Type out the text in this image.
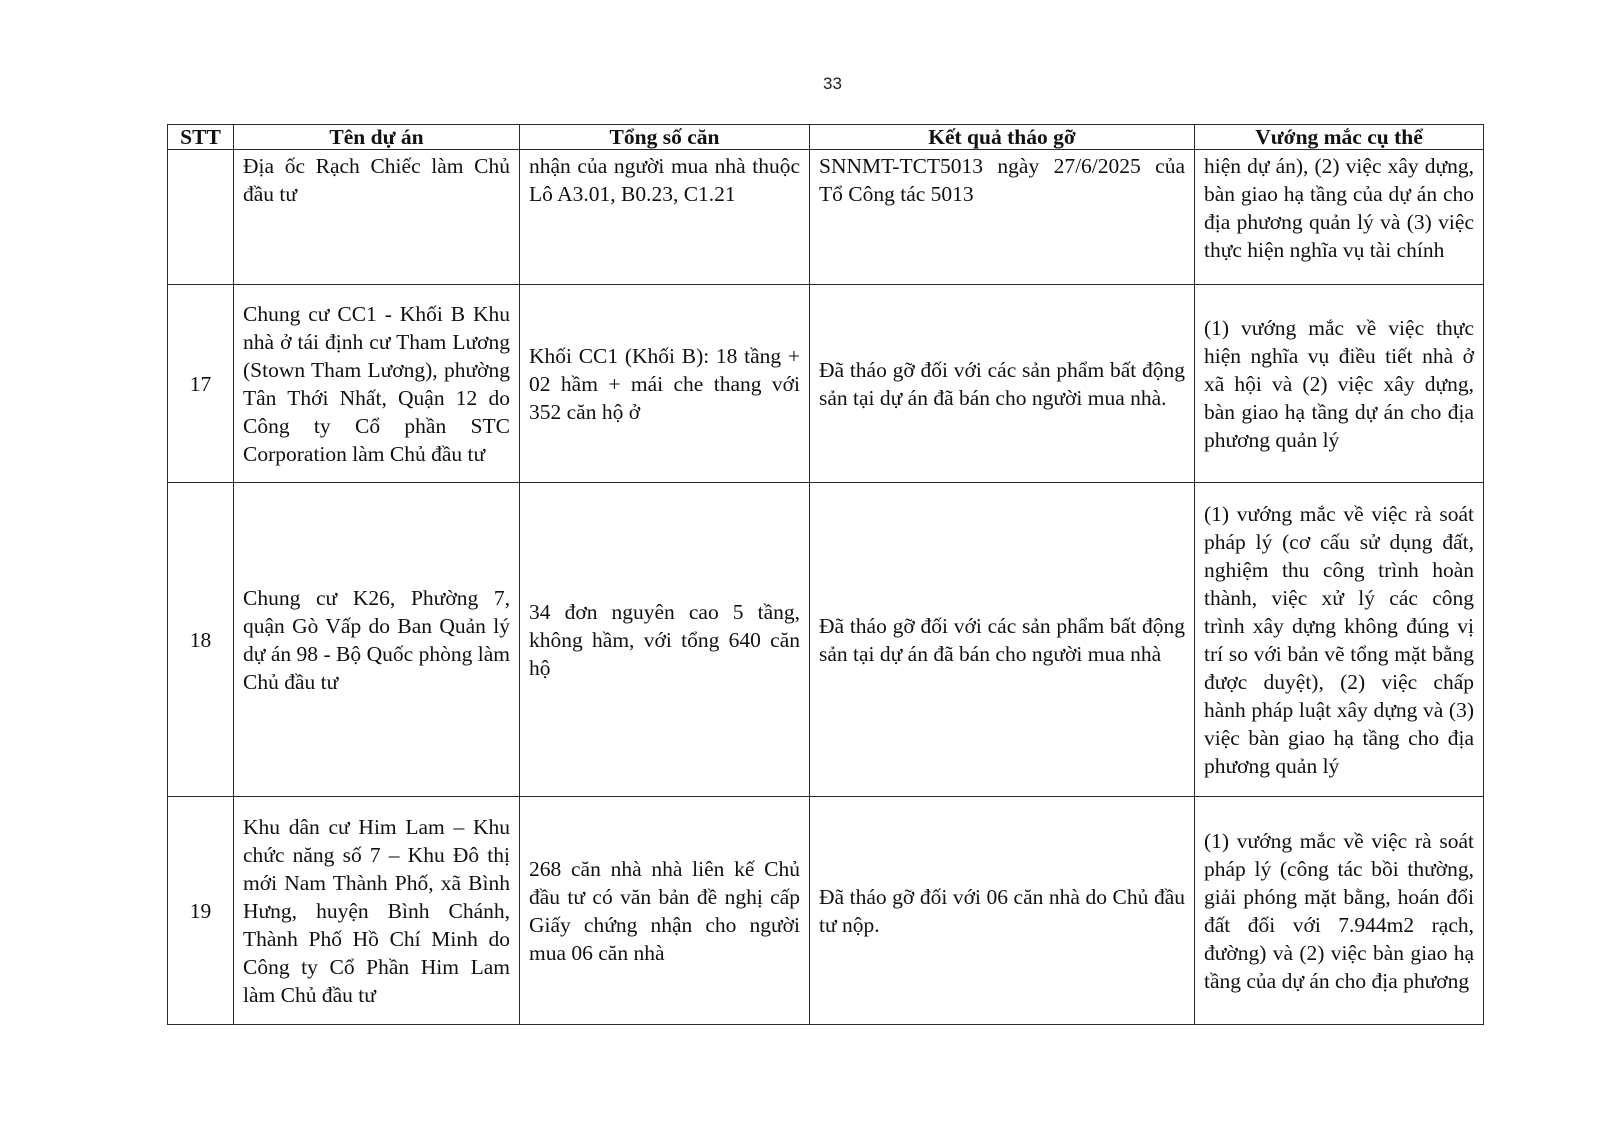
33
STT	Tên dự án	Tổng số căn	Kết quả tháo gỡ	Vướng mắc cụ thể
	Địa ốc Rạch Chiếc làm Chủ đầu tư	nhận của người mua nhà thuộc Lô A3.01, B0.23, C1.21	SNNMT-TCT5013 ngày 27/6/2025 của Tổ Công tác 5013	hiện dự án), (2) việc xây dựng, bàn giao hạ tầng của dự án cho địa phương quản lý và (3) việc thực hiện nghĩa vụ tài chính
17	Chung cư CC1 - Khối B Khu nhà ở tái định cư Tham Lương (Stown Tham Lương), phường Tân Thới Nhất, Quận 12 do Công ty Cổ phần STC Corporation làm Chủ đầu tư	Khối CC1 (Khối B): 18 tầng + 02 hầm + mái che thang với 352 căn hộ ở	Đã tháo gỡ đối với các sản phẩm bất động sản tại dự án đã bán cho người mua nhà.	(1) vướng mắc về việc thực hiện nghĩa vụ điều tiết nhà ở xã hội và (2) việc xây dựng, bàn giao hạ tầng dự án cho địa phương quản lý
18	Chung cư K26, Phường 7, quận Gò Vấp do Ban Quản lý dự án 98 - Bộ Quốc phòng làm Chủ đầu tư	34 đơn nguyên cao 5 tầng, không hầm, với tổng 640 căn hộ	Đã tháo gỡ đối với các sản phẩm bất động sản tại dự án đã bán cho người mua nhà	(1) vướng mắc về việc rà soát pháp lý (cơ cấu sử dụng đất, nghiệm thu công trình hoàn thành, việc xử lý các công trình xây dựng không đúng vị trí so với bản vẽ tổng mặt bằng được duyệt), (2) việc chấp hành pháp luật xây dựng và (3) việc bàn giao hạ tầng cho địa phương quản lý
19	Khu dân cư Him Lam – Khu chức năng số 7 – Khu Đô thị mới Nam Thành Phố, xã Bình Hưng, huyện Bình Chánh, Thành Phố Hồ Chí Minh do Công ty Cổ Phần Him Lam làm Chủ đầu tư	268 căn nhà nhà liên kế Chủ đầu tư có văn bản đề nghị cấp Giấy chứng nhận cho người mua 06 căn nhà	Đã tháo gỡ đối với 06 căn nhà do Chủ đầu tư nộp.	(1) vướng mắc về việc rà soát pháp lý (công tác bồi thường, giải phóng mặt bằng, hoán đổi đất đối với 7.944m2 rạch, đường) và (2) việc bàn giao hạ tầng của dự án cho địa phương
